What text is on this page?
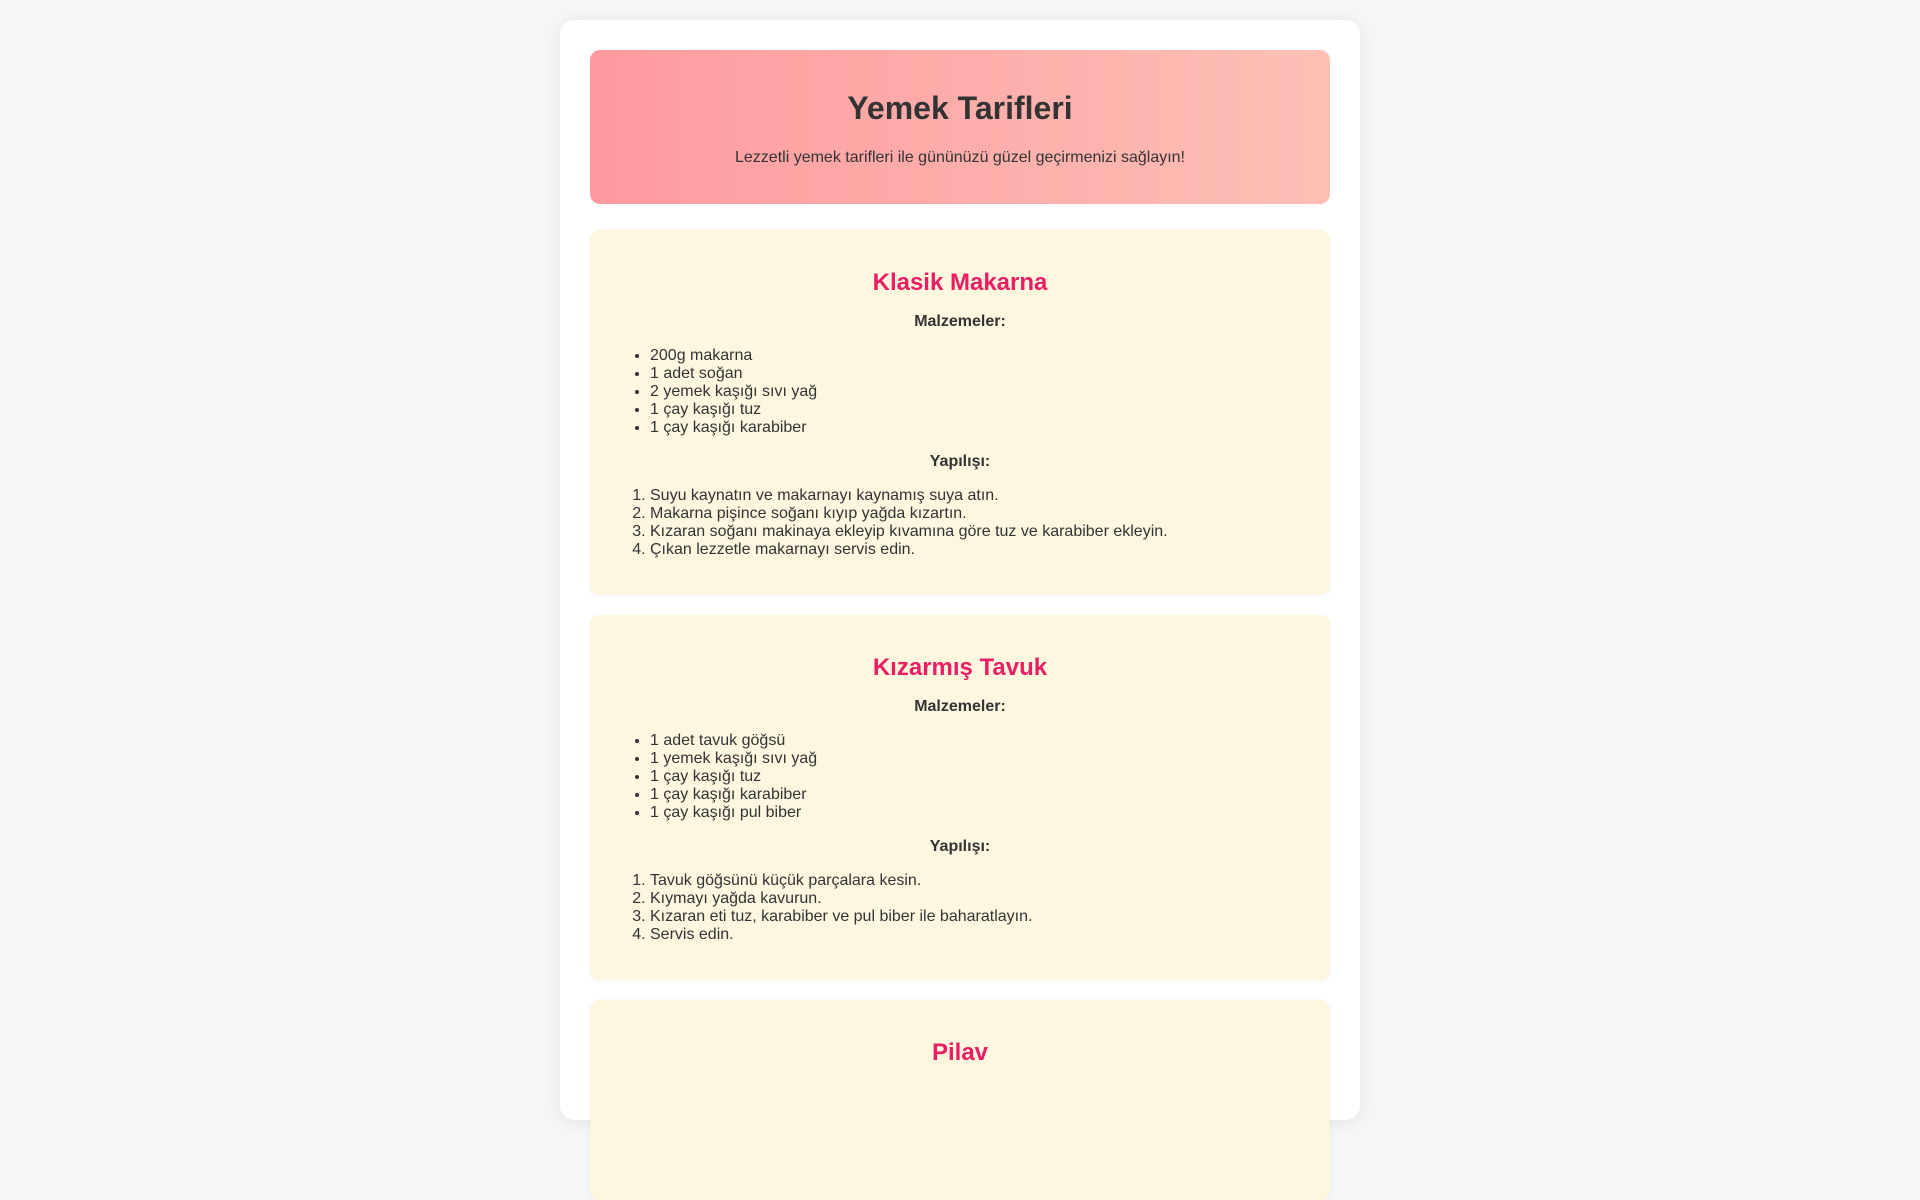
Yemek Tarifleri

Lezzetli yemek tarifleri ile gününüzü güzel geçirmenizi sağlayın!

Klasik Makarna
Malzemeler:
• 200g makarna
• 1 adet soğan
• 2 yemek kaşığı sıvı yağ
• 1 çay kaşığı tuz
• 1 çay kaşığı karabiber
Yapılışı:
1. Suyu kaynatın ve makarnayı kaynamış suya atın.
2. Makarna pişince soğanı kıyıp yağda kızartın.
3. Kızaran soğanı makinaya ekleyip kıvamına göre tuz ve karabiber ekleyin.
4. Çıkan lezzetle makarnayı servis edin.
Kızarmış Tavuk
Malzemeler:
• 1 adet tavuk göğsü
• 1 yemek kaşığı sıvı yağ
• 1 çay kaşığı tuz
• 1 çay kaşığı karabiber
• 1 çay kaşığı pul biber
Yapılışı:
1. Tavuk göğsünü küçük parçalara kesin.
2. Kıymayı yağda kavurun.
3. Kızaran eti tuz, karabiber ve pul biber ile baharatlayın.
4. Servis edin.
Pilav
